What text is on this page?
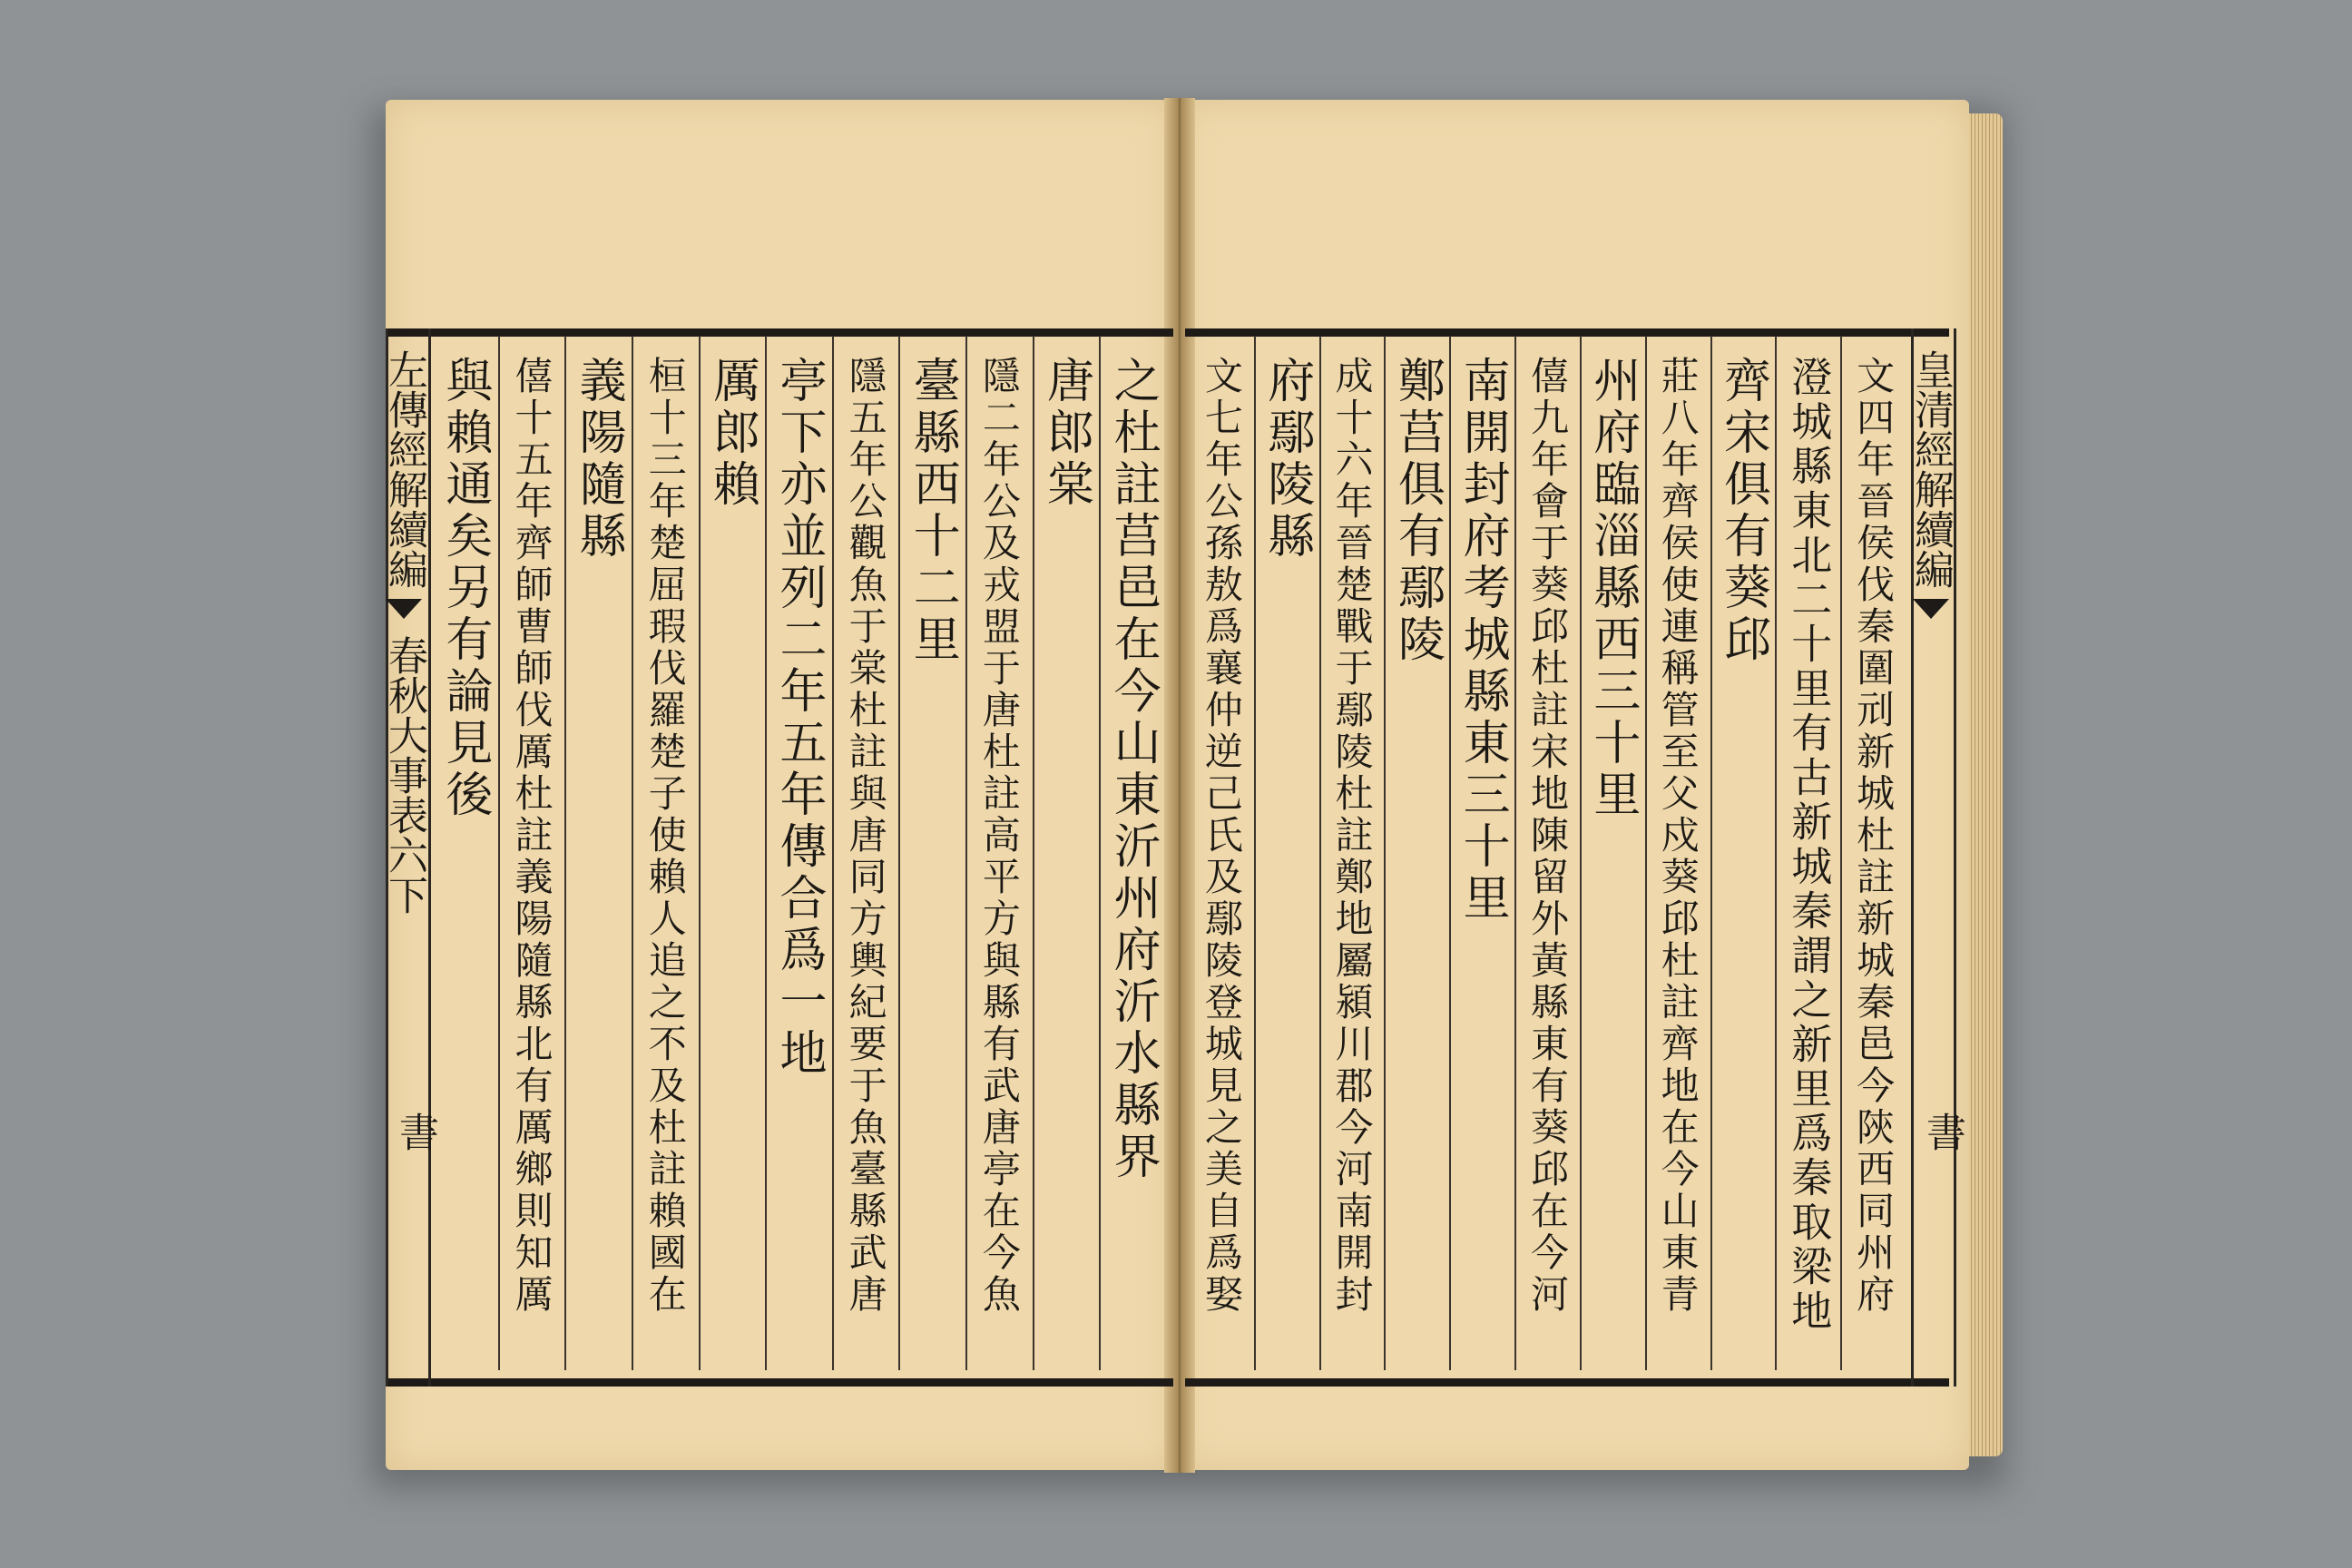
左傳經解續編
春秋大事表六下
書
皇清經解續編
書
之杜註莒邑在今山東沂州府沂水縣界
唐郎棠
隱二年公及戎盟于唐杜註高平方與縣有武唐亭在今魚
臺縣西十二里
隱五年公觀魚于棠杜註與唐同方輿紀要于魚臺縣武唐
亭下亦並列二年五年傳合爲一地
厲郎賴
桓十三年楚屈瑕伐羅楚子使賴人追之不及杜註賴國在
義陽隨縣
僖十五年齊師曹師伐厲杜註義陽隨縣北有厲鄉則知厲
與賴通矣另有論見後	文四年晉侯伐秦圍刓新城杜註新城秦邑今陝西同州府
澄城縣東北二十里有古新城秦謂之新里爲秦取梁地
齊宋俱有葵邱
莊八年齊侯使連稱管至父戍葵邱杜註齊地在今山東青
州府臨淄縣西三十里
僖九年會于葵邱杜註宋地陳留外黃縣東有葵邱在今河
南開封府考城縣東三十里
鄭莒俱有鄢陵
成十六年晉楚戰于鄢陵杜註鄭地屬潁川郡今河南開封
府鄢陵縣
文七年公孫敖爲襄仲逆己氏及鄢陵登城見之美自爲娶
